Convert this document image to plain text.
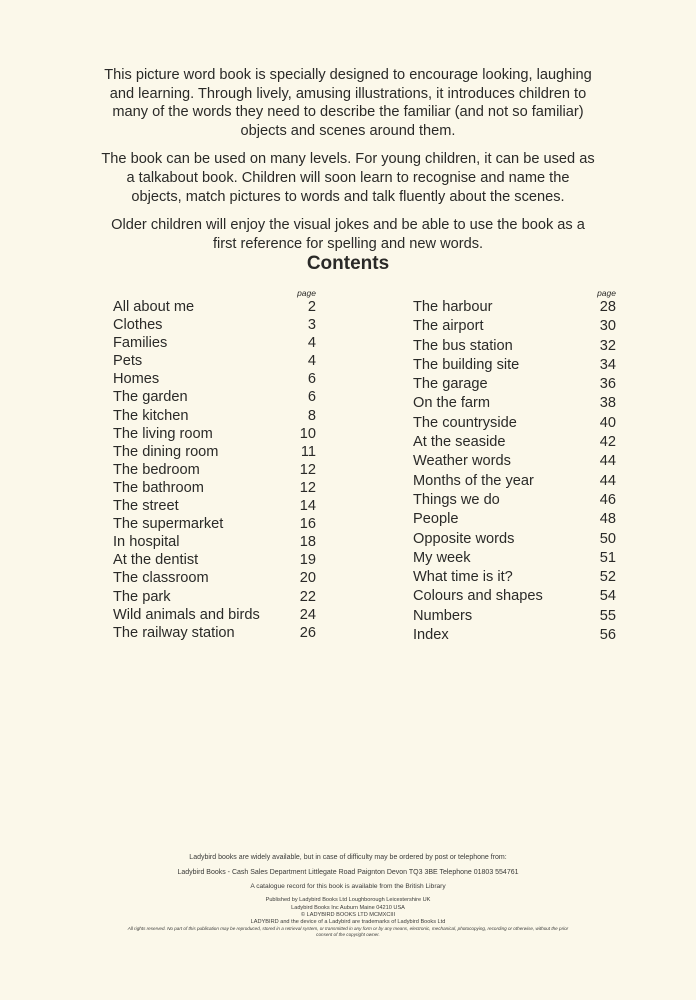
This picture word book is specially designed to encourage looking, laughing and learning. Through lively, amusing illustrations, it introduces children to many of the words they need to describe the familiar (and not so familiar) objects and scenes around them.

The book can be used on many levels. For young children, it can be used as a talkabout book. Children will soon learn to recognise and name the objects, match pictures to words and talk fluently about the scenes.

Older children will enjoy the visual jokes and be able to use the book as a first reference for spelling and new words.

Contents
page
All about me	2
Clothes	3
Families	4
Pets	4
Homes	6
The garden	6
The kitchen	8
The living room	10
The dining room	11
The bedroom	12
The bathroom	12
The street	14
The supermarket	16
In hospital	18
At the dentist	19
The classroom	20
The park	22
Wild animals and birds	24
The railway station	26
page
The harbour	28
The airport	30
The bus station	32
The building site	34
The garage	36
On the farm	38
The countryside	40
At the seaside	42
Weather words	44
Months of the year	44
Things we do	46
People	48
Opposite words	50
My week	51
What time is it?	52
Colours and shapes	54
Numbers	55
Index	56
Ladybird books are widely available, but in case of difficulty may be ordered by post or telephone from:
Ladybird Books - Cash Sales Department Littlegate Road Paignton Devon TQ3 3BE Telephone 01803 554761
A catalogue record for this book is available from the British Library
Published by Ladybird Books Ltd Loughborough Leicestershire UK
Ladybird Books Inc Auburn Maine 04210 USA
© LADYBIRD BOOKS LTD MCMXCIII
LADYBIRD and the device of a Ladybird are trademarks of Ladybird Books Ltd
All rights reserved. No part of this publication may be reproduced, stored in a retrieval system, or transmitted in any form or by any means, electronic, mechanical, photocopying, recording or otherwise, without the prior consent of the copyright owner.
